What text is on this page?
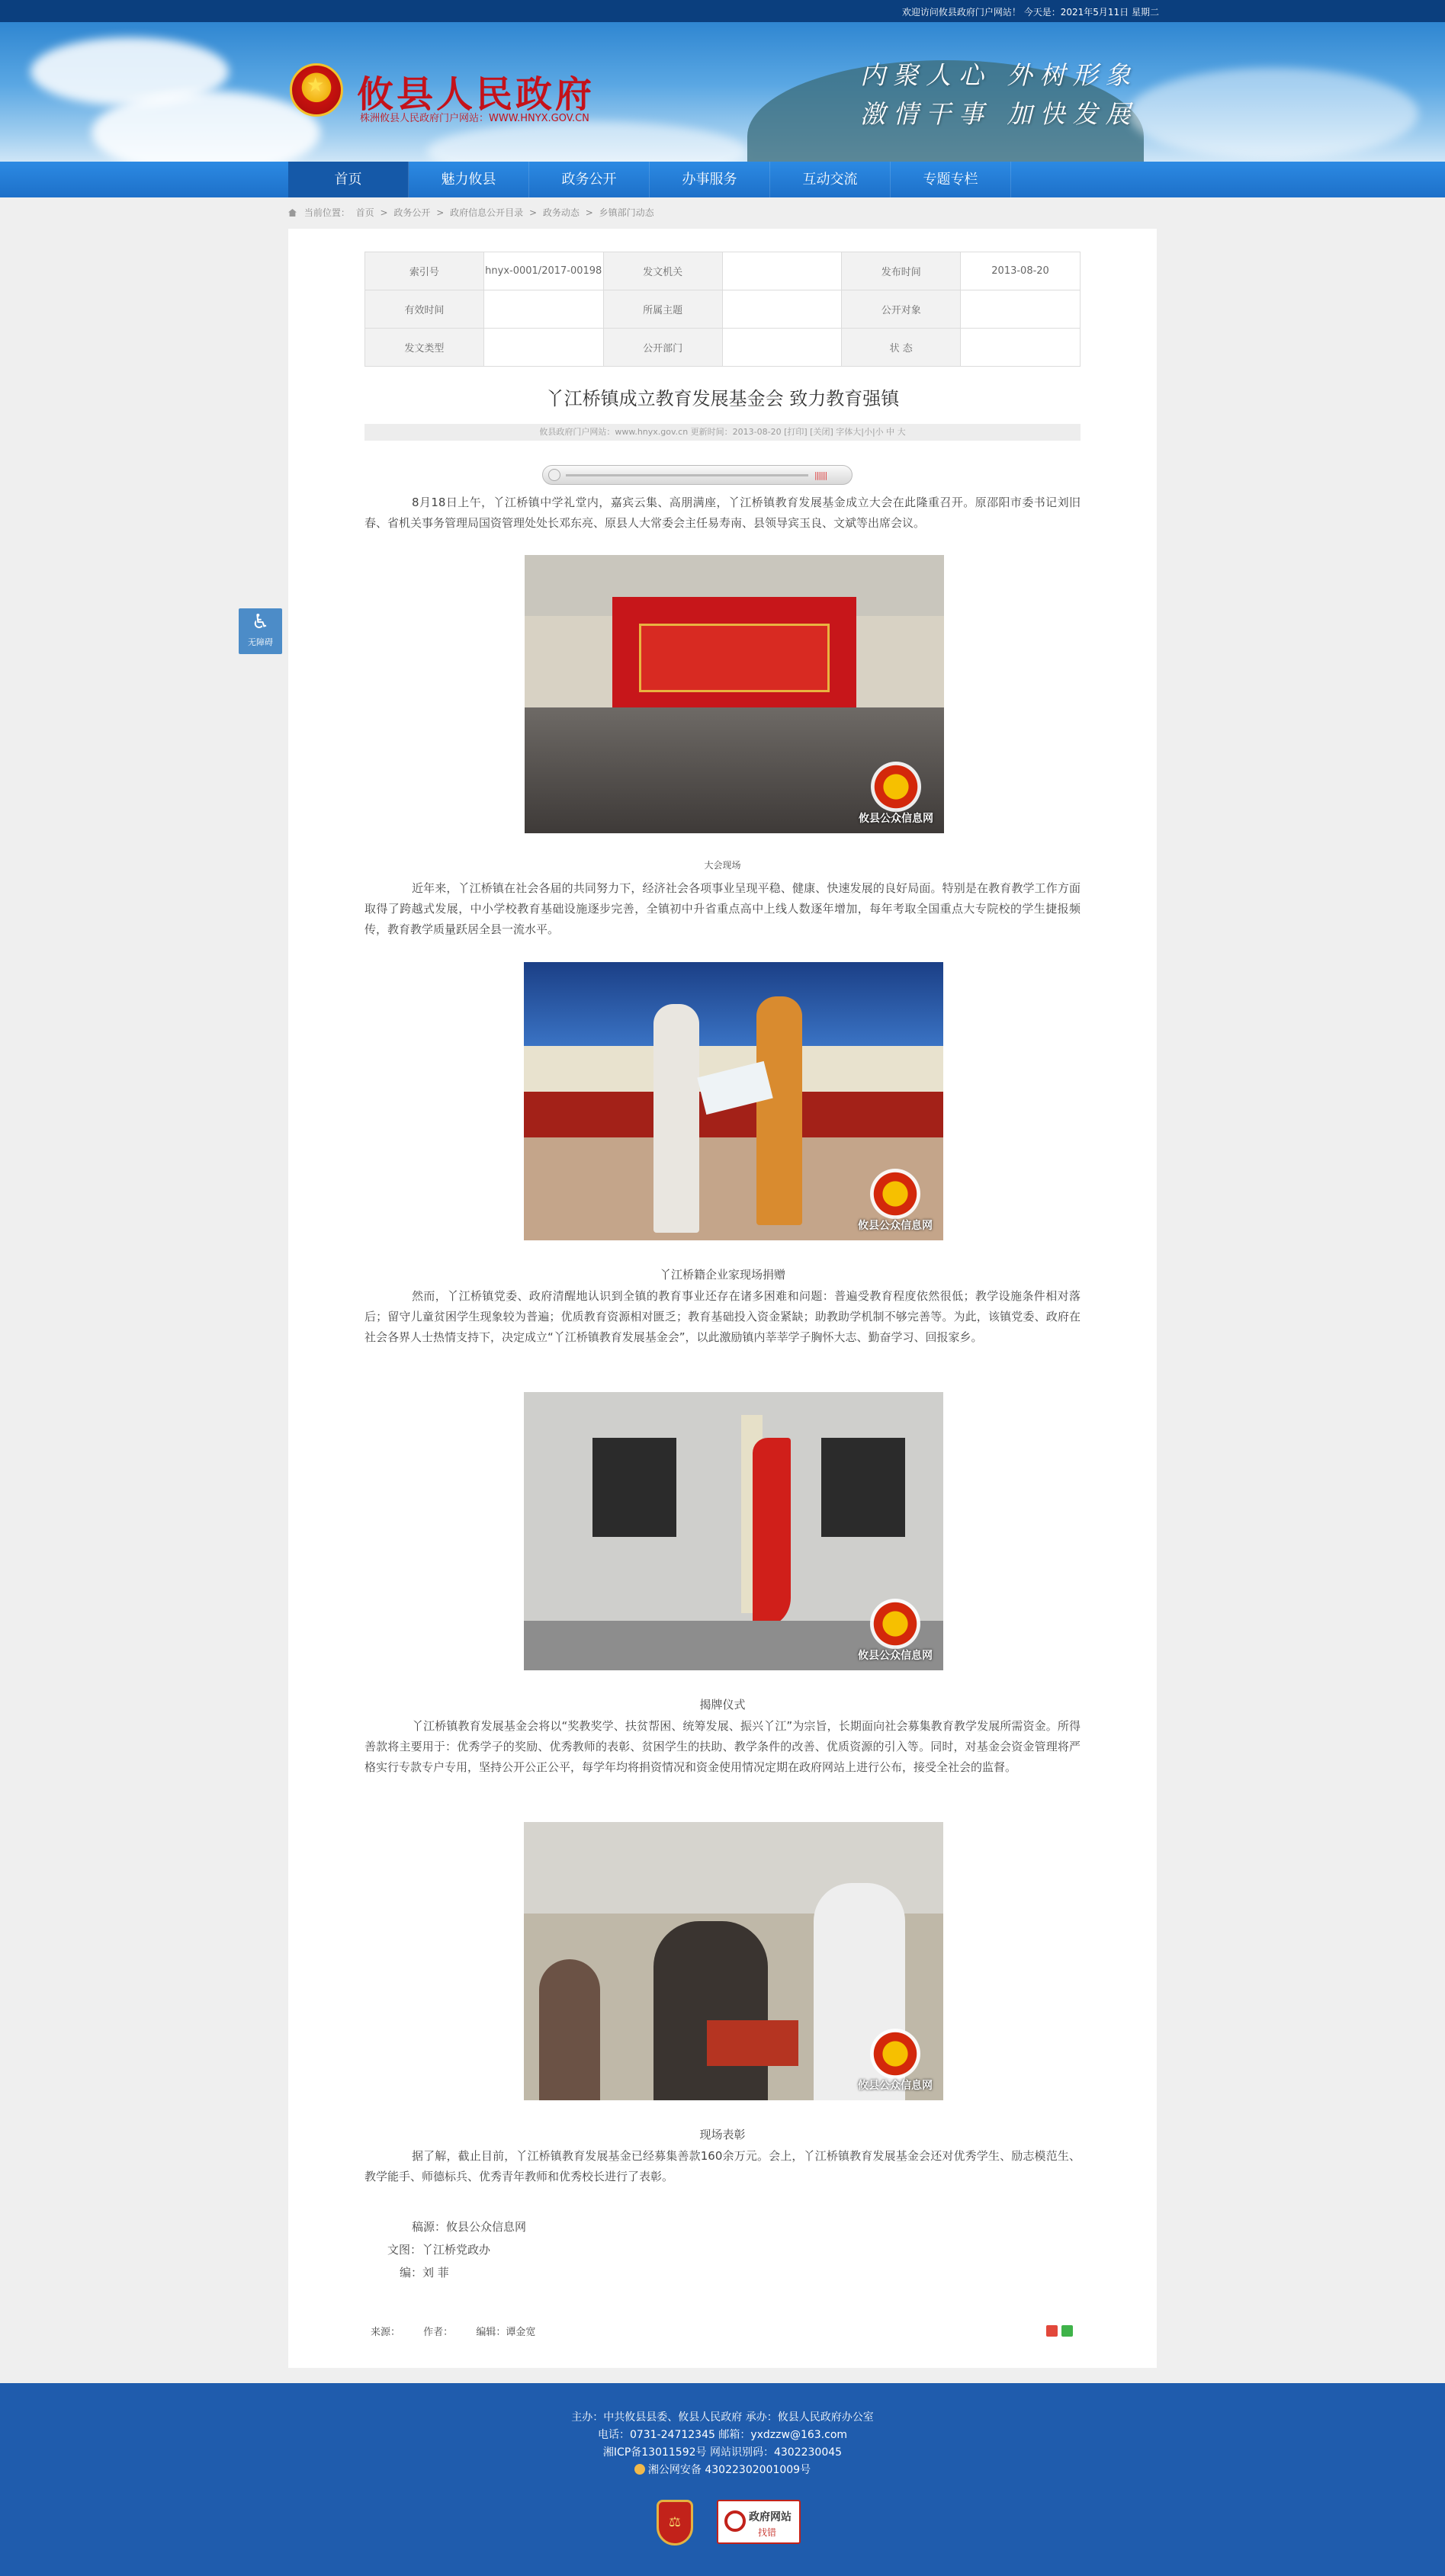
欢迎访问攸县政府门户网站！ 今天是：2021年5月11日 星期二
★ 攸县人民政府
株洲攸县人民政府门户网站：WWW.HNYX.GOV.CN
内聚人心 外树形象
激情干事 加快发展
首页	魅力攸县	政务公开	办事服务	互动交流	专题专栏
当前位置： 首页 > 政务公开 > 政府信息公开目录 > 政务动态 > 乡镇部门动态
♿
无障碍
索引号	hnyx-0001/2017-00198	发文机关		发布时间	2013-08-20
有效时间		所属主题		公开对象	
发文类型		公开部门		状 态	
丫江桥镇成立教育发展基金会 致力教育强镇
攸县政府门户网站：www.hnyx.gov.cn 更新时间：2013-08-20 [打印] [关闭] 字体大|小|小 中 大
||||||
8月18日上午，丫江桥镇中学礼堂内，嘉宾云集、高朋满座，丫江桥镇教育发展基金成立大会在此隆重召开。原邵阳市委书记刘旧春、省机关事务管理局国资管理处处长邓东亮、原县人大常委会主任易寿南、县领导宾玉良、文斌等出席会议。
攸县公众信息网
大会现场
近年来，丫江桥镇在社会各届的共同努力下，经济社会各项事业呈现平稳、健康、快速发展的良好局面。特别是在教育教学工作方面取得了跨越式发展，中小学校教育基础设施逐步完善，全镇初中升省重点高中上线人数逐年增加，每年考取全国重点大专院校的学生捷报频传，教育教学质量跃居全县一流水平。
攸县公众信息网
丫江桥籍企业家现场捐赠
然而，丫江桥镇党委、政府清醒地认识到全镇的教育事业还存在诸多困难和问题：普遍受教育程度依然很低；教学设施条件相对落后；留守儿童贫困学生现象较为普遍；优质教育资源相对匮乏；教育基础投入资金紧缺；助教助学机制不够完善等。为此，该镇党委、政府在社会各界人士热情支持下，决定成立“丫江桥镇教育发展基金会”，以此激励镇内莘莘学子胸怀大志、勤奋学习、回报家乡。
攸县公众信息网
揭牌仪式
丫江桥镇教育发展基金会将以“奖教奖学、扶贫帮困、统筹发展、振兴丫江”为宗旨，长期面向社会募集教育教学发展所需资金。所得善款将主要用于：优秀学子的奖励、优秀教师的表彰、贫困学生的扶助、教学条件的改善、优质资源的引入等。同时，对基金会资金管理将严格实行专款专户专用，坚持公开公正公平，每学年均将捐资情况和资金使用情况定期在政府网站上进行公布，接受全社会的监督。
攸县公众信息网
现场表彰
据了解，截止目前，丫江桥镇教育发展基金已经募集善款160余万元。会上，丫江桥镇教育发展基金会还对优秀学生、励志模范生、教学能手、师德标兵、优秀青年教师和优秀校长进行了表彰。
稿源：攸县公众信息网
文图：丫江桥党政办
编：刘 菲
来源： 作者： 编辑：谭金宽

主办：中共攸县县委、攸县人民政府 承办：攸县人民政府办公室

电话：0731-24712345 邮箱：yxdzzw@163.com

湘ICP备13011592号 网站识别码：4302230045

湘公网安备 43022302001009号

⚖	政府网站
找错
